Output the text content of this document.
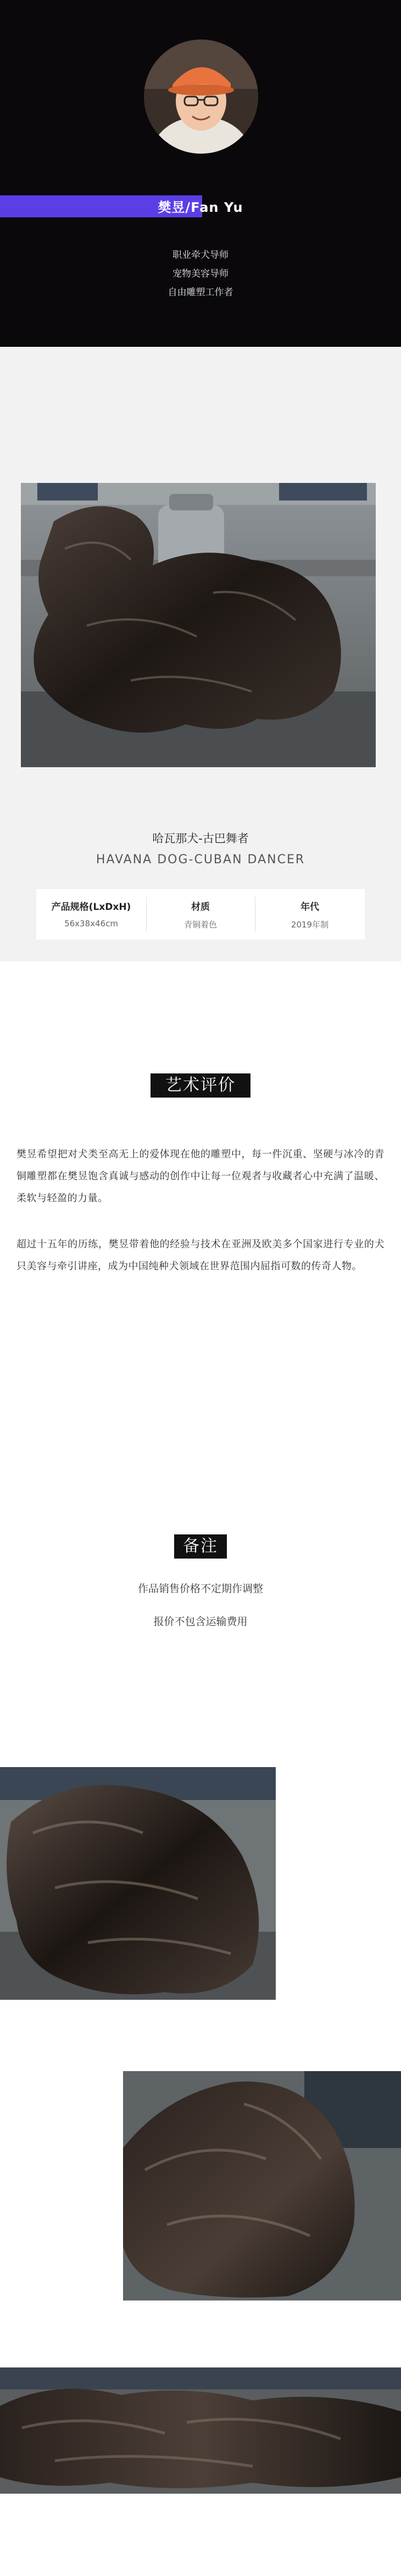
樊昱/Fan Yu
职业牵犬导师
宠物美容导师
自由雕塑工作者
哈瓦那犬-古巴舞者
HAVANA DOG-CUBAN DANCER
产品规格(LxDxH)
56x38x46cm
材质
青铜着色
年代
2019年制
艺术评价
樊昱希望把对犬类至高无上的爱体现在他的雕塑中，每一件沉重、坚硬与冰冷的青铜雕塑都在樊昱饱含真诚与感动的创作中让每一位观者与收藏者心中充满了温暖、柔软与轻盈的力量。
超过十五年的历练，樊昱带着他的经验与技术在亚洲及欧美多个国家进行专业的犬只美容与牵引讲座，成为中国纯种犬领域在世界范围内屈指可数的传奇人物。
备注
作品销售价格不定期作调整
报价不包含运输费用
